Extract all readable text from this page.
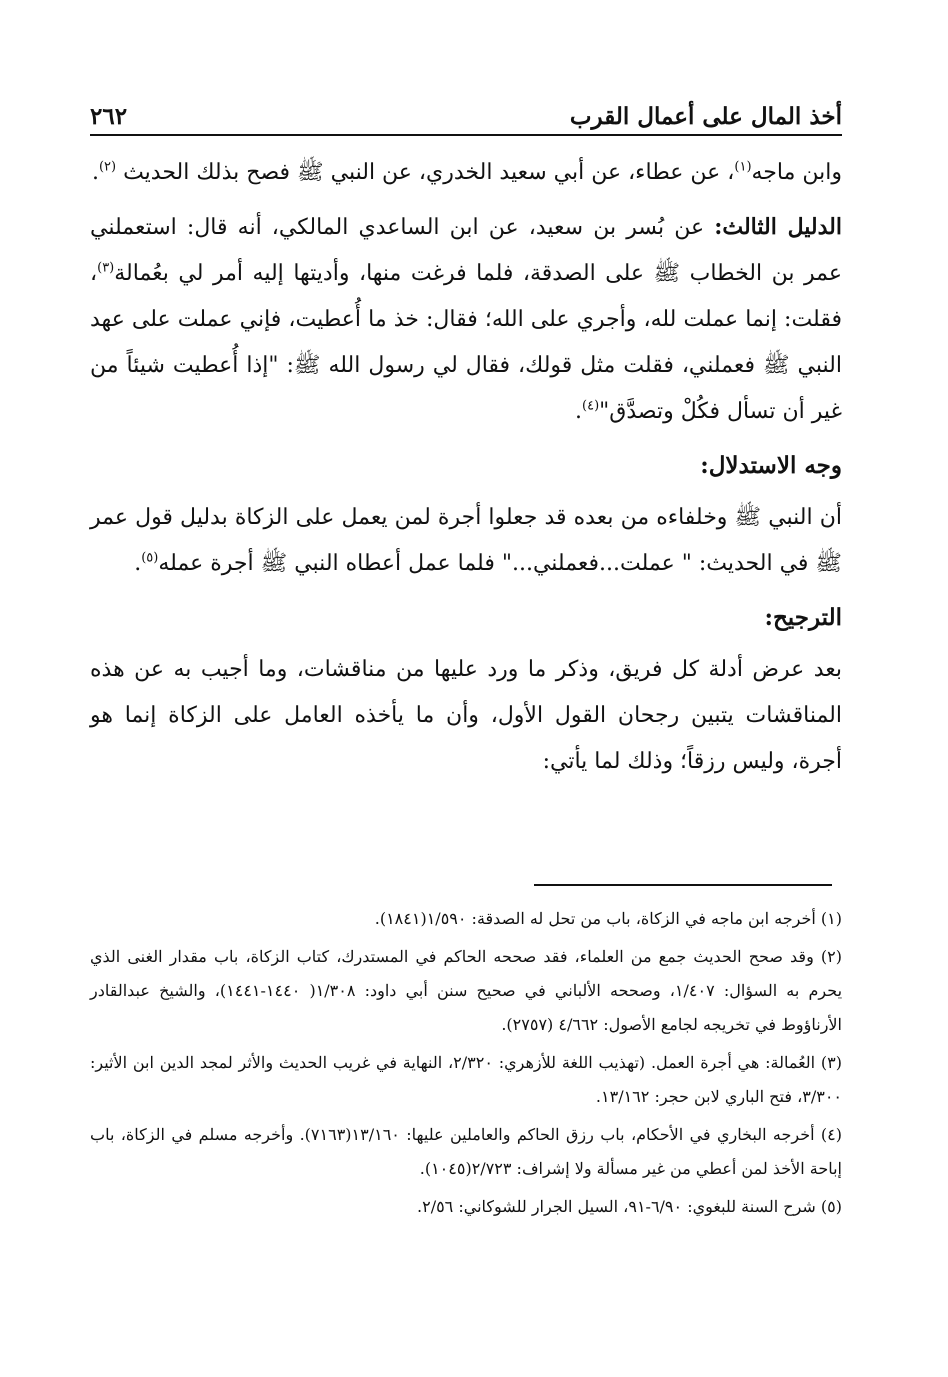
أخذ المال على أعمال القرب
٢٦٢

وابن ماجه$^{(١)}$، عن عطاء، عن أبي سعيد الخدري، عن النبي ﷺ فصح بذلك الحديث $^{(٢)}$.

الدليل الثالث: عن بُسر بن سعيد، عن ابن الساعدي المالكي، أنه قال: استعملني عمر بن الخطاب ﷺ على الصدقة، فلما فرغت منها، وأديتها إليه أمر لي بعُمالة$^{(٣)}$، فقلت: إنما عملت لله، وأجري على الله؛ فقال: خذ ما أُعطيت، فإني عملت على عهد النبي ﷺ فعملني، فقلت مثل قولك، فقال لي رسول الله ﷺ: "إذا أُعطيت شيئاً من غير أن تسأل فكُلْ وتصدَّق"$^{(٤)}$.

وجه الاستدلال:

أن النبي ﷺ وخلفاءه من بعده قد جعلوا أجرة لمن يعمل على الزكاة بدليل قول عمر ﷺ في الحديث: " عملت...فعملني..." فلما عمل أعطاه النبي ﷺ أجرة عمله$^{(٥)}$.

الترجيح:

بعد عرض أدلة كل فريق، وذكر ما ورد عليها من مناقشات، وما أجيب به عن هذه المناقشات يتبين رجحان القول الأول، وأن ما يأخذه العامل على الزكاة إنما هو أجرة، وليس رزقاً؛ وذلك لما يأتي:

(١) أخرجه ابن ماجه في الزكاة، باب من تحل له الصدقة: ١/٥٩٠(١٨٤١).

(٢) وقد صحح الحديث جمع من العلماء، فقد صححه الحاكم في المستدرك، كتاب الزكاة، باب مقدار الغنى الذي يحرم به السؤال: ١/٤٠٧، وصححه الألباني في صحيح سنن أبي داود: ١/٣٠٨( ١٤٤٠-١٤٤١)، والشيخ عبدالقادر الأرناؤوط في تخريجه لجامع الأصول: ٤/٦٦٢ (٢٧٥٧).

(٣) العُمالة: هي أجرة العمل. (تهذيب اللغة للأزهري: ٢/٣٢٠، النهاية في غريب الحديث والأثر لمجد الدين ابن الأثير: ٣/٣٠٠، فتح الباري لابن حجر: ١٣/١٦٢.

(٤) أخرجه البخاري في الأحكام، باب رزق الحاكم والعاملين عليها: ١٣/١٦٠(٧١٦٣). وأخرجه مسلم في الزكاة، باب إباحة الأخذ لمن أعطي من غير مسألة ولا إشراف: ٢/٧٢٣(١٠٤٥).

(٥) شرح السنة للبغوي: ٦/٩٠-٩١، السيل الجرار للشوكاني: ٢/٥٦.
